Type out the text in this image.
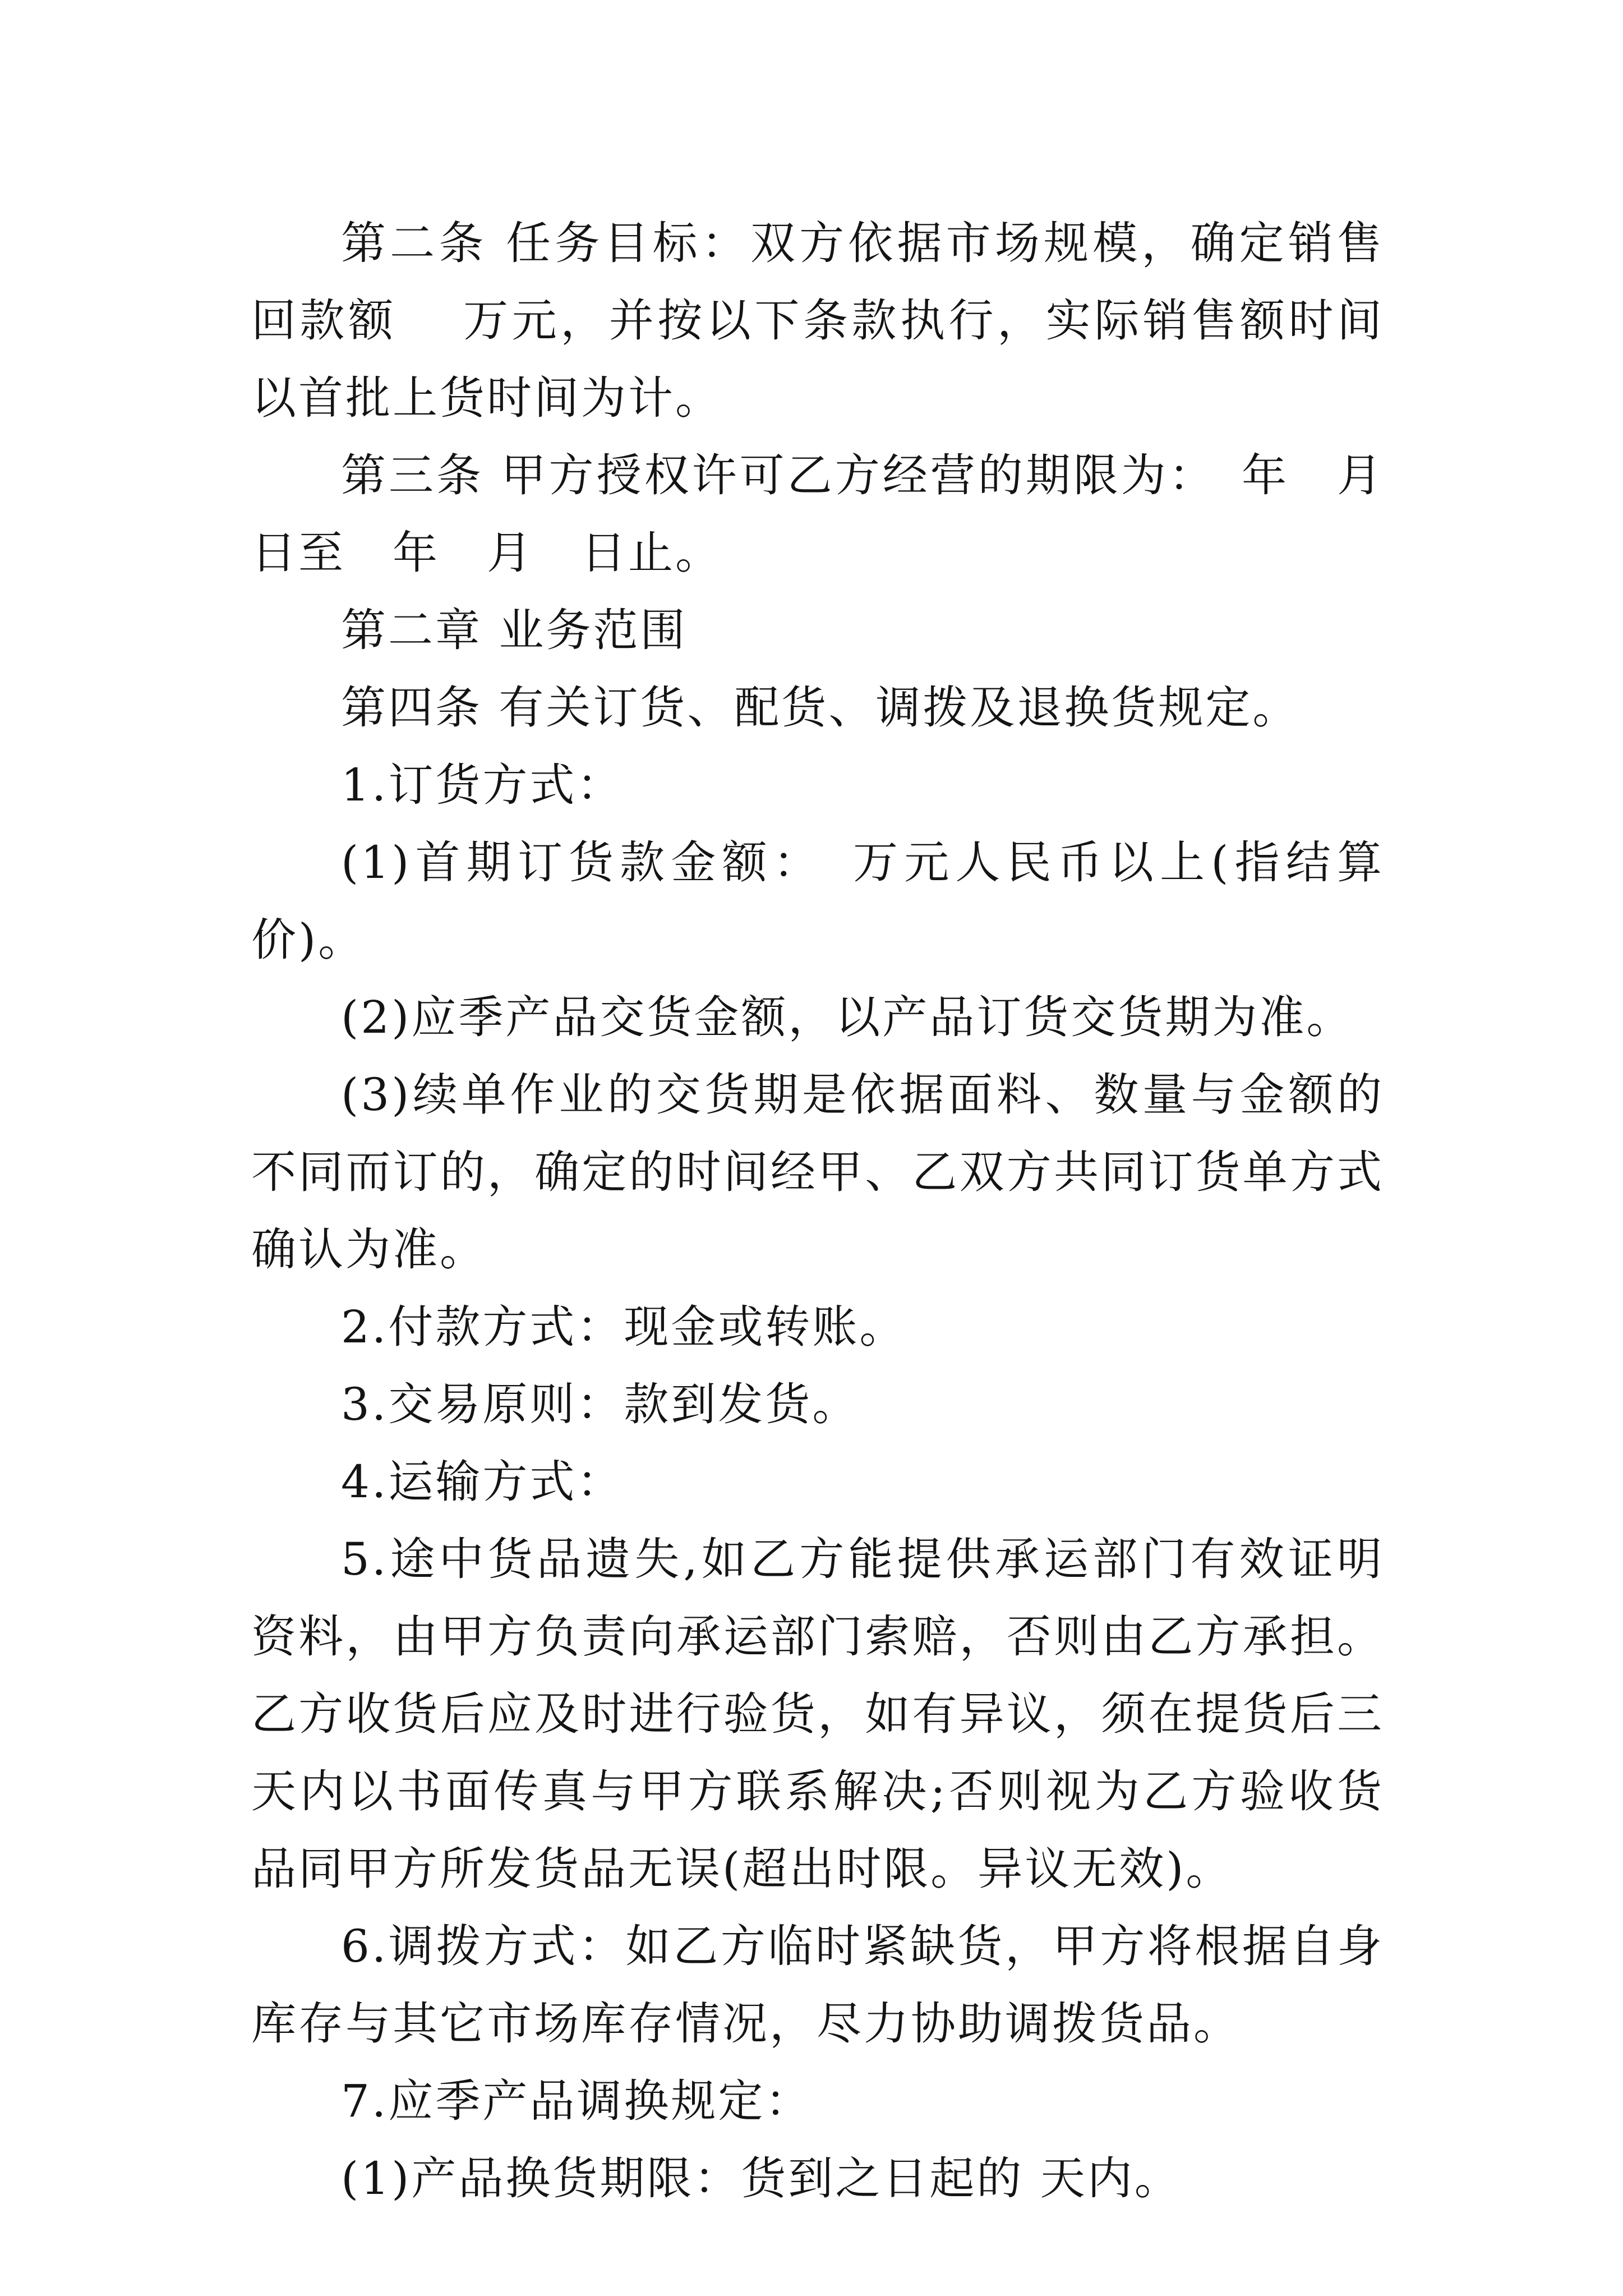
第二条 任务目标：双方依据市场规模，确定销售回款额　 万元，并按以下条款执行，实际销售额时间以首批上货时间为计。

第三条 甲方授权许可乙方经营的期限为：　年　月　日至　年　月　日止。

第二章 业务范围

第四条 有关订货、配货、调拨及退换货规定。

1.订货方式：

(1)首期订货款金额：　万元人民币以上(指结算价)。

(2)应季产品交货金额，以产品订货交货期为准。

(3)续单作业的交货期是依据面料、数量与金额的不同而订的，确定的时间经甲、乙双方共同订货单方式确认为准。

2.付款方式：现金或转账。

3.交易原则：款到发货。

4.运输方式：

5.途中货品遗失,如乙方能提供承运部门有效证明资料，由甲方负责向承运部门索赔，否则由乙方承担。乙方收货后应及时进行验货，如有异议，须在提货后三天内以书面传真与甲方联系解决;否则视为乙方验收货品同甲方所发货品无误(超出时限。异议无效)。

6.调拨方式：如乙方临时紧缺货，甲方将根据自身库存与其它市场库存情况，尽力协助调拨货品。

7.应季产品调换规定：

(1)产品换货期限：货到之日起的 天内。
